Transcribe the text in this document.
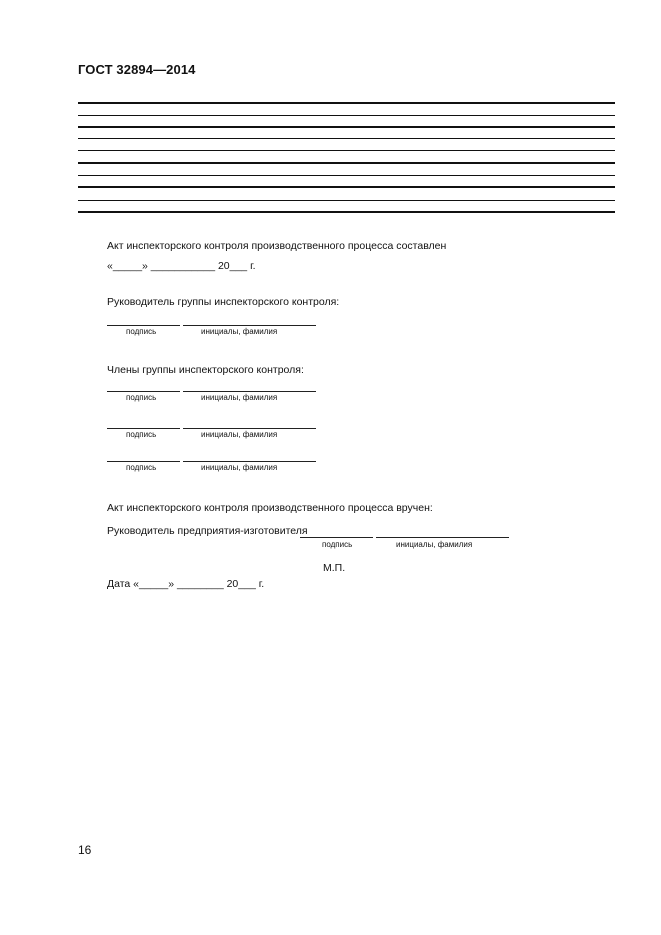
ГОСТ 32894—2014
Акт инспекторского контроля производственного процесса составлен
«_____» ___________ 20___ г.
Руководитель группы инспекторского контроля:
подпись	инициалы, фамилия
Члены группы инспекторского контроля:
подпись	инициалы, фамилия
подпись	инициалы, фамилия
подпись	инициалы, фамилия
Акт инспекторского контроля производственного процесса вручен:
Руководитель предприятия-изготовителя
подпись	инициалы, фамилия
М.П.
Дата «_____» ________ 20___ г.
16
